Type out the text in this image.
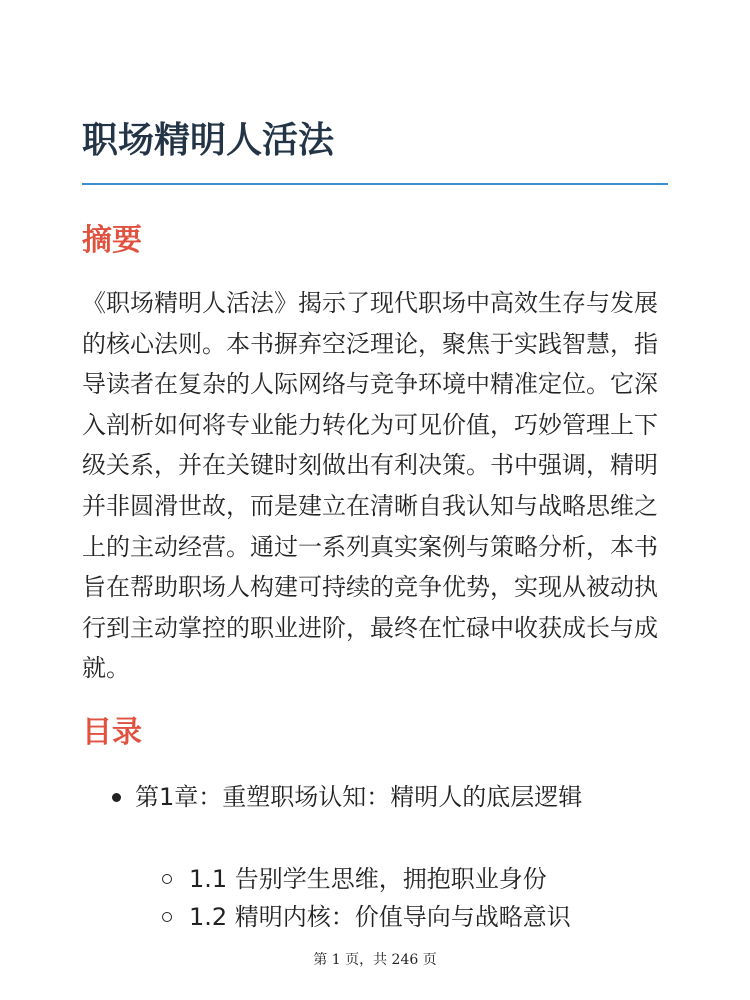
职场精明人活法
摘要

《职场精明人活法》揭示了现代职场中高效生存与发展的核心法则。本书摒弃空泛理论，聚焦于实践智慧，指导读者在复杂的人际网络与竞争环境中精准定位。它深入剖析如何将专业能力转化为可见价值，巧妙管理上下级关系，并在关键时刻做出有利决策。书中强调，精明并非圆滑世故，而是建立在清晰自我认知与战略思维之上的主动经营。通过一系列真实案例与策略分析，本书旨在帮助职场人构建可持续的竞争优势，实现从被动执行到主动掌控的职业进阶，最终在忙碌中收获成长与成就。

目录
第1章：重塑职场认知：精明人的底层逻辑
1.1 告别学生思维，拥抱职业身份
1.2 精明内核：价值导向与战略意识
第 1 页，共 246 页
